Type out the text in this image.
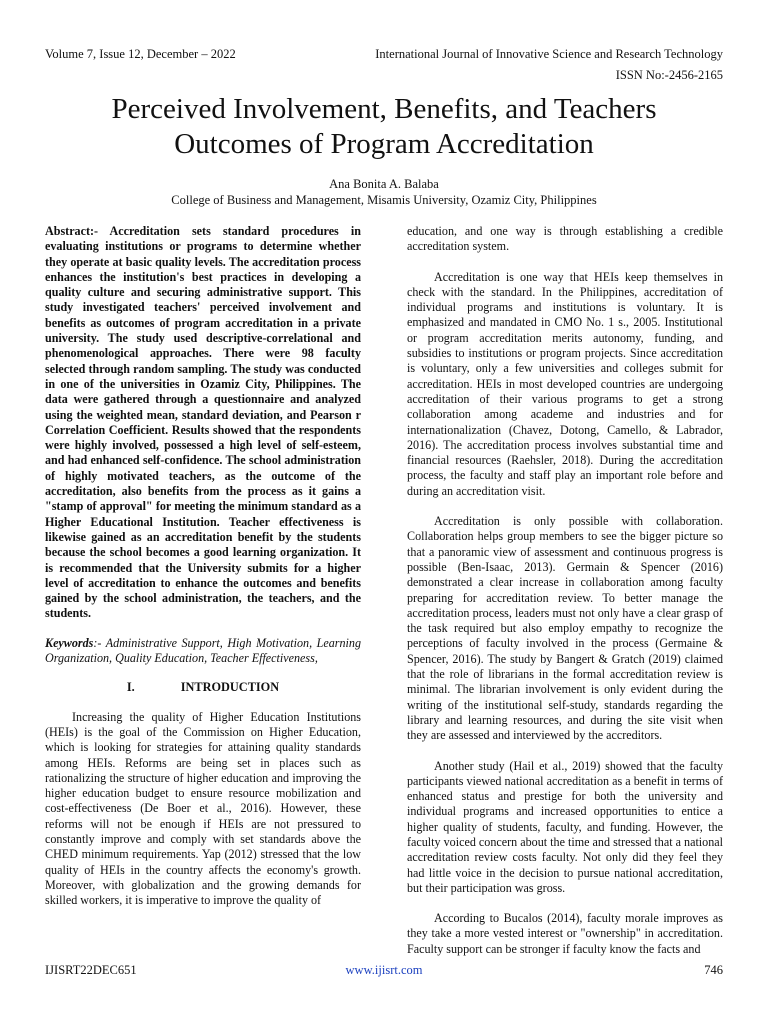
Volume 7, Issue 12, December – 2022	International Journal of Innovative Science and Research Technology
ISSN No:-2456-2165
Perceived Involvement, Benefits, and Teachers
Outcomes of Program Accreditation
Ana Bonita A. Balaba
College of Business and Management, Misamis University, Ozamiz City, Philippines

Abstract:- Accreditation sets standard procedures in evaluating institutions or programs to determine whether they operate at basic quality levels. The accreditation process enhances the institution's best practices in developing a quality culture and securing administrative support. This study investigated teachers' perceived involvement and benefits as outcomes of program accreditation in a private university. The study used descriptive-correlational and phenomenological approaches. There were 98 faculty selected through random sampling. The study was conducted in one of the universities in Ozamiz City, Philippines. The data were gathered through a questionnaire and analyzed using the weighted mean, standard deviation, and Pearson r Correlation Coefficient. Results showed that the respondents were highly involved, possessed a high level of self-esteem, and had enhanced self-confidence. The school administration of highly motivated teachers, as the outcome of the accreditation, also benefits from the process as it gains a "stamp of approval" for meeting the minimum standard as a Higher Educational Institution. Teacher effectiveness is likewise gained as an accreditation benefit by the students because the school becomes a good learning organization. It is recommended that the University submits for a higher level of accreditation to enhance the outcomes and benefits gained by the school administration, the teachers, and the students.

Keywords:- Administrative Support, High Motivation, Learning Organization, Quality Education, Teacher Effectiveness,

I.	INTRODUCTION

Increasing the quality of Higher Education Institutions (HEIs) is the goal of the Commission on Higher Education, which is looking for strategies for attaining quality standards among HEIs. Reforms are being set in places such as rationalizing the structure of higher education and improving the higher education budget to ensure resource mobilization and cost-effectiveness (De Boer et al., 2016). However, these reforms will not be enough if HEIs are not pressured to constantly improve and comply with set standards above the CHED minimum requirements. Yap (2012) stressed that the low quality of HEIs in the country affects the economy's growth. Moreover, with globalization and the growing demands for skilled workers, it is imperative to improve the quality of

education, and one way is through establishing a credible accreditation system.

Accreditation is one way that HEIs keep themselves in check with the standard. In the Philippines, accreditation of individual programs and institutions is voluntary. It is emphasized and mandated in CMO No. 1 s., 2005. Institutional or program accreditation merits autonomy, funding, and subsidies to institutions or program projects. Since accreditation is voluntary, only a few universities and colleges submit for accreditation. HEIs in most developed countries are undergoing accreditation of their various programs to get a strong collaboration among academe and industries and for internationalization (Chavez, Dotong, Camello, & Labrador, 2016). The accreditation process involves substantial time and financial resources (Raehsler, 2018). During the accreditation process, the faculty and staff play an important role before and during an accreditation visit.

Accreditation is only possible with collaboration. Collaboration helps group members to see the bigger picture so that a panoramic view of assessment and continuous progress is possible (Ben-Isaac, 2013). Germain & Spencer (2016) demonstrated a clear increase in collaboration among faculty preparing for accreditation review. To better manage the accreditation process, leaders must not only have a clear grasp of the task required but also employ empathy to recognize the perceptions of faculty involved in the process (Germaine & Spencer, 2016). The study by Bangert & Gratch (2019) claimed that the role of librarians in the formal accreditation review is minimal. The librarian involvement is only evident during the writing of the institutional self-study, standards regarding the library and learning resources, and during the site visit when they are assessed and interviewed by the accreditors.

Another study (Hail et al., 2019) showed that the faculty participants viewed national accreditation as a benefit in terms of enhanced status and prestige for both the university and individual programs and increased opportunities to entice a higher quality of students, faculty, and funding. However, the faculty voiced concern about the time and stressed that a national accreditation review costs faculty. Not only did they feel they had little voice in the decision to pursue national accreditation, but their participation was gross.

According to Bucalos (2014), faculty morale improves as they take a more vested interest or "ownership" in accreditation. Faculty support can be stronger if faculty know the facts and

IJISRT22DEC651	www.ijisrt.com	746
